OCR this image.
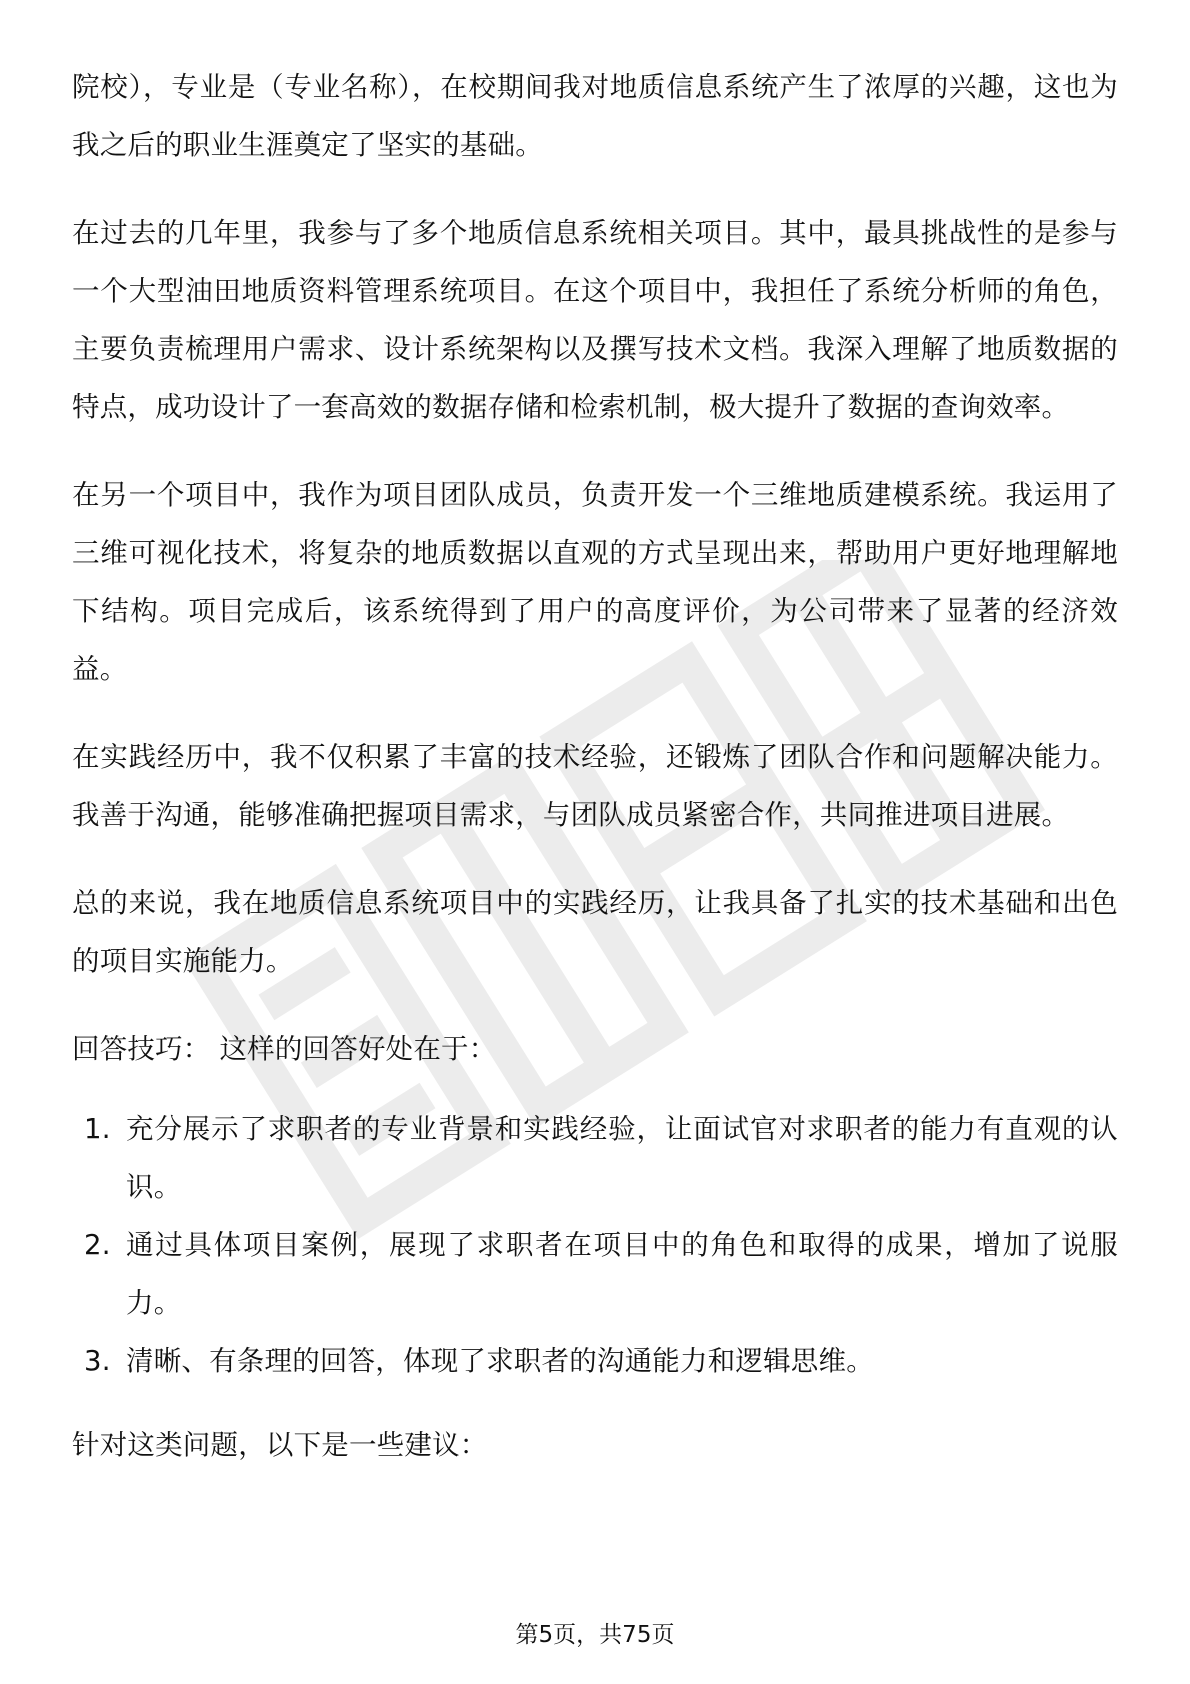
院校），专业是（专业名称），在校期间我对地质信息系统产生了浓厚的兴趣，这也为我之后的职业生涯奠定了坚实的基础。

在过去的几年里，我参与了多个地质信息系统相关项目。其中，最具挑战性的是参与一个大型油田地质资料管理系统项目。在这个项目中，我担任了系统分析师的角色，主要负责梳理用户需求、设计系统架构以及撰写技术文档。我深入理解了地质数据的特点，成功设计了一套高效的数据存储和检索机制，极大提升了数据的查询效率。

在另一个项目中，我作为项目团队成员，负责开发一个三维地质建模系统。我运用了三维可视化技术，将复杂的地质数据以直观的方式呈现出来，帮助用户更好地理解地下结构。项目完成后，该系统得到了用户的高度评价，为公司带来了显著的经济效益。

在实践经历中，我不仅积累了丰富的技术经验，还锻炼了团队合作和问题解决能力。我善于沟通，能够准确把握项目需求，与团队成员紧密合作，共同推进项目进展。

总的来说，我在地质信息系统项目中的实践经历，让我具备了扎实的技术基础和出色的项目实施能力。

回答技巧： 这样的回答好处在于：

1. 充分展示了求职者的专业背景和实践经验，让面试官对求职者的能力有直观的认识。
2. 通过具体项目案例，展现了求职者在项目中的角色和取得的成果，增加了说服力。
3. 清晰、有条理的回答，体现了求职者的沟通能力和逻辑思维。

针对这类问题，以下是一些建议：

第5页，共75页
